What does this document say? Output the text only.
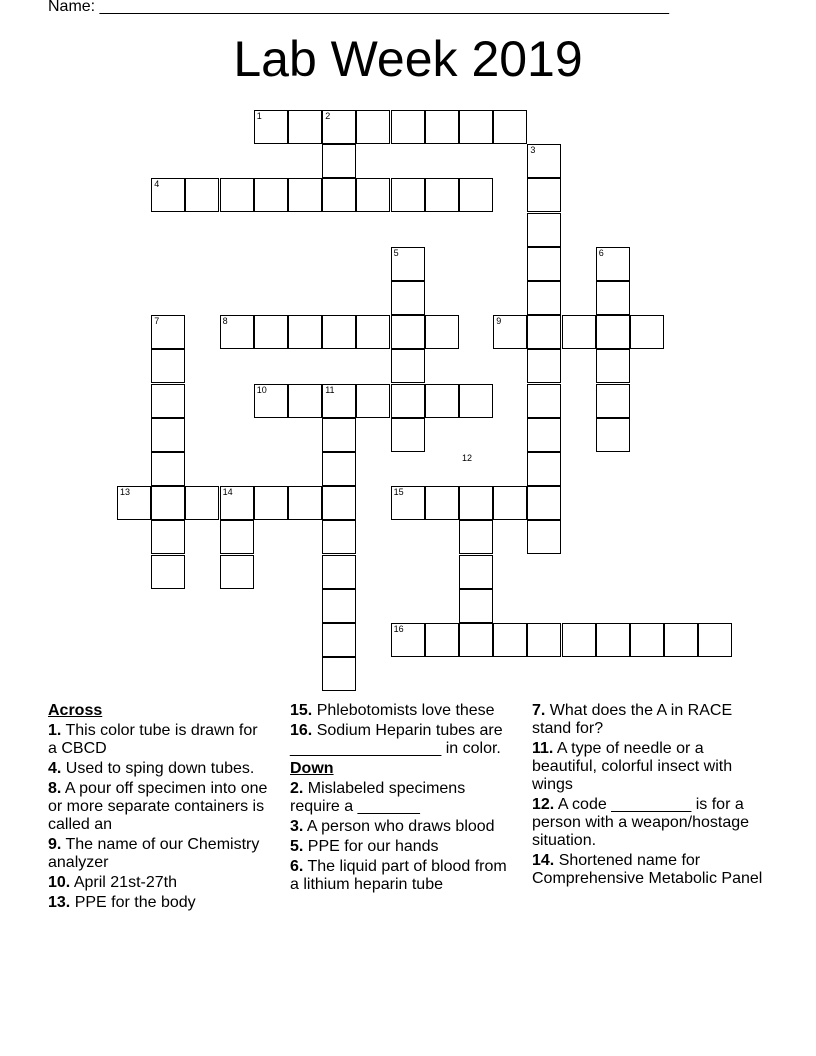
Name: ________________________________________________________________
Lab Week 2019
1	2
3
4
5	6
7	8	9
10	11
12
13	14	15
16
Across
1. This color tube is drawn for a CBCD
4. Used to sping down tubes.
8. A pour off specimen into one or more separate containers is called an
9. The name of our Chemistry analyzer
10. April 21st-27th
13. PPE for the body
15. Phlebotomists love these
16. Sodium Heparin tubes are _________________ in color.
Down
2. Mislabeled specimens require a _______
3. A person who draws blood
5. PPE for our hands
6. The liquid part of blood from a lithium heparin tube
7. What does the A in RACE stand for?
11. A type of needle or a beautiful, colorful insect with wings
12. A code _________ is for a person with a weapon/hostage situation.
14. Shortened name for Comprehensive Metabolic Panel
